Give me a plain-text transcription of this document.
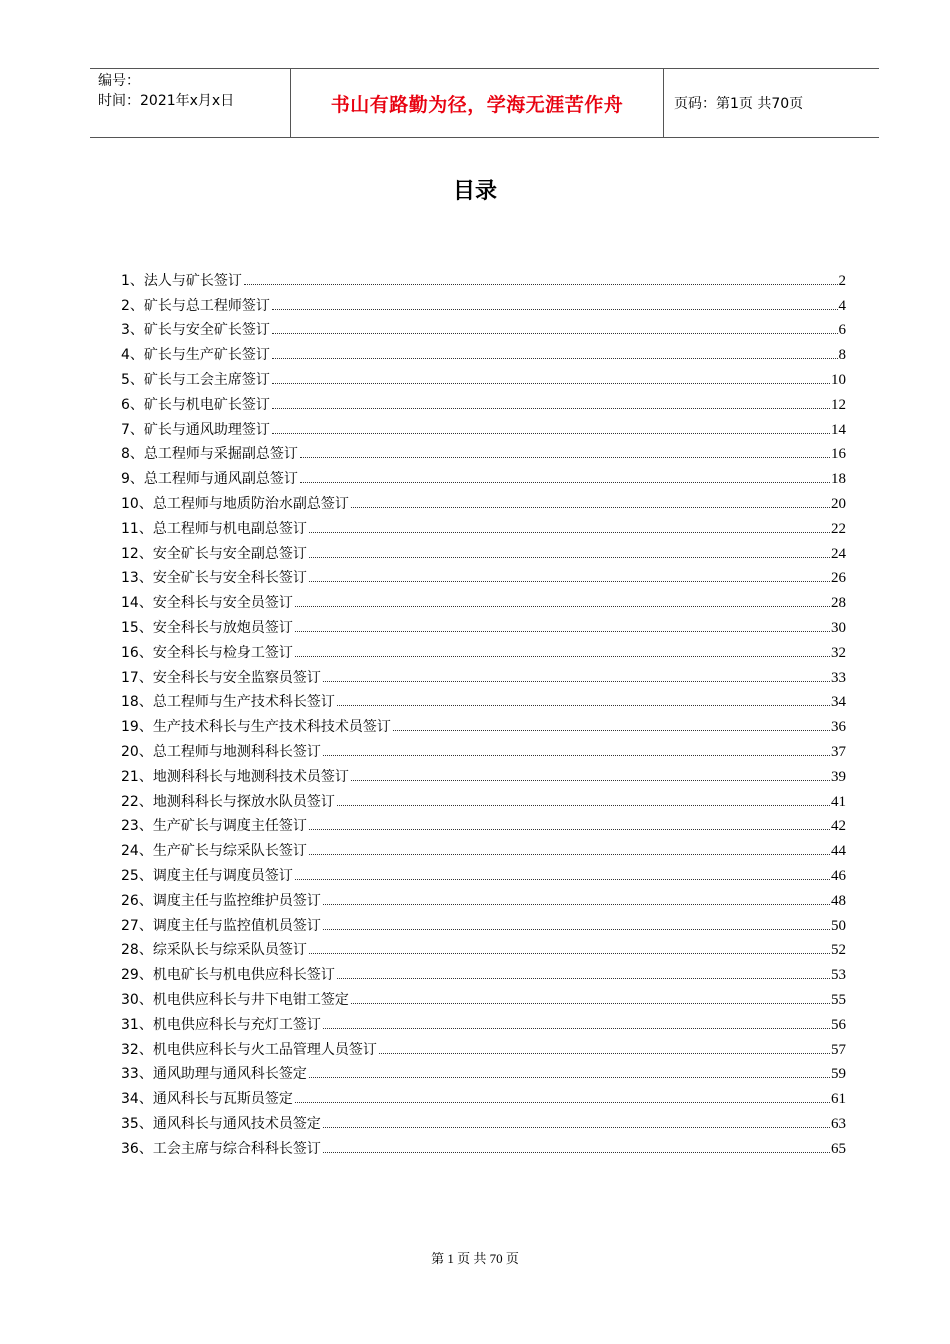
编号：
时间：2021年x月x日	书山有路勤为径，学海无涯苦作舟	页码：第1页 共70页
目录
1、法人与矿长签订	2
2、矿长与总工程师签订	4
3、矿长与安全矿长签订	6
4、矿长与生产矿长签订	8
5、矿长与工会主席签订	10
6、矿长与机电矿长签订	12
7、矿长与通风助理签订	14
8、总工程师与采掘副总签订	16
9、总工程师与通风副总签订	18
10、总工程师与地质防治水副总签订	20
11、总工程师与机电副总签订	22
12、安全矿长与安全副总签订	24
13、安全矿长与安全科长签订	26
14、安全科长与安全员签订	28
15、安全科长与放炮员签订	30
16、安全科长与检身工签订	32
17、安全科长与安全监察员签订	33
18、总工程师与生产技术科长签订	34
19、生产技术科长与生产技术科技术员签订	36
20、总工程师与地测科科长签订	37
21、地测科科长与地测科技术员签订	39
22、地测科科长与探放水队员签订	41
23、生产矿长与调度主任签订	42
24、生产矿长与综采队长签订	44
25、调度主任与调度员签订	46
26、调度主任与监控维护员签订	48
27、调度主任与监控值机员签订	50
28、综采队长与综采队员签订	52
29、机电矿长与机电供应科长签订	53
30、机电供应科长与井下电钳工签定	55
31、机电供应科长与充灯工签订	56
32、机电供应科长与火工品管理人员签订	57
33、通风助理与通风科长签定	59
34、通风科长与瓦斯员签定	61
35、通风科长与通风技术员签定	63
36、工会主席与综合科科长签订	65
第 1 页 共 70 页
